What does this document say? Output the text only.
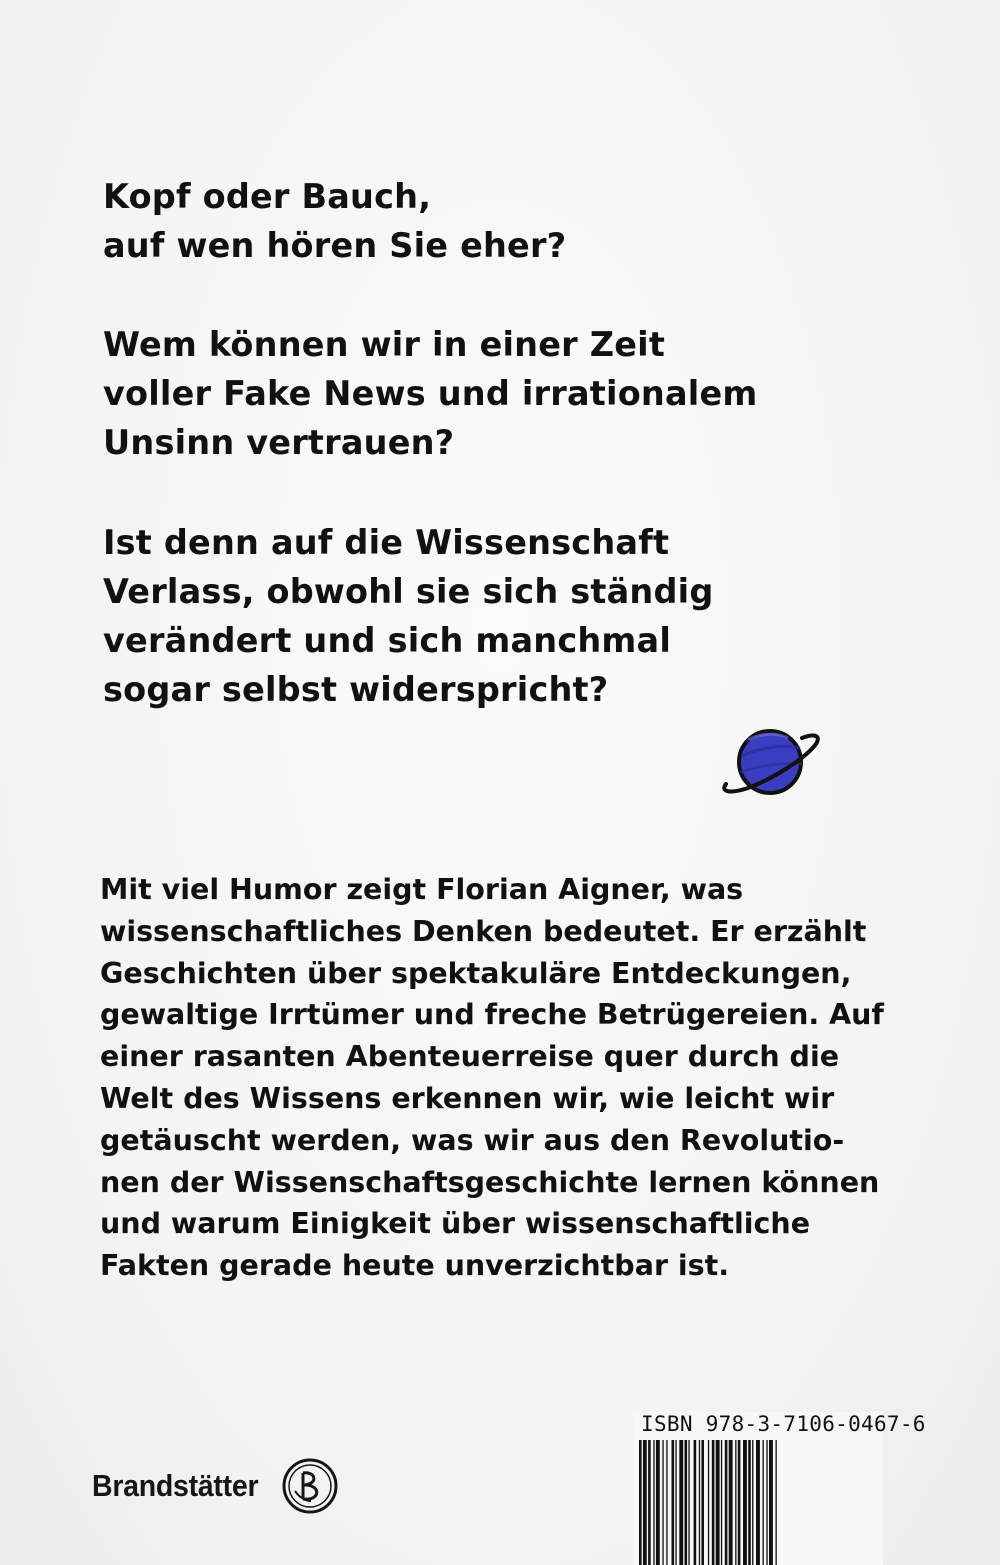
Kopf oder Bauch,
auf wen hören Sie eher?

Wem können wir in einer Zeit
voller Fake News und irrationalem
Unsinn vertrauen?

Ist denn auf die Wissenschaft
Verlass, obwohl sie sich ständig
verändert und sich manchmal
sogar selbst widerspricht?

Mit viel Humor zeigt Florian Aigner, was
wissenschaftliches Denken bedeutet. Er erzählt
Geschichten über spektakuläre Entdeckungen,
gewaltige Irrtümer und freche Betrügereien. Auf
einer rasanten Abenteuerreise quer durch die
Welt des Wissens erkennen wir, wie leicht wir
getäuscht werden, was wir aus den Revolutio-
nen der Wissenschaftsgeschichte lernen können
und warum Einigkeit über wissenschaftliche
Fakten gerade heute unverzichtbar ist.

Brandstätter
ISBN 978-3-7106-0467-6
